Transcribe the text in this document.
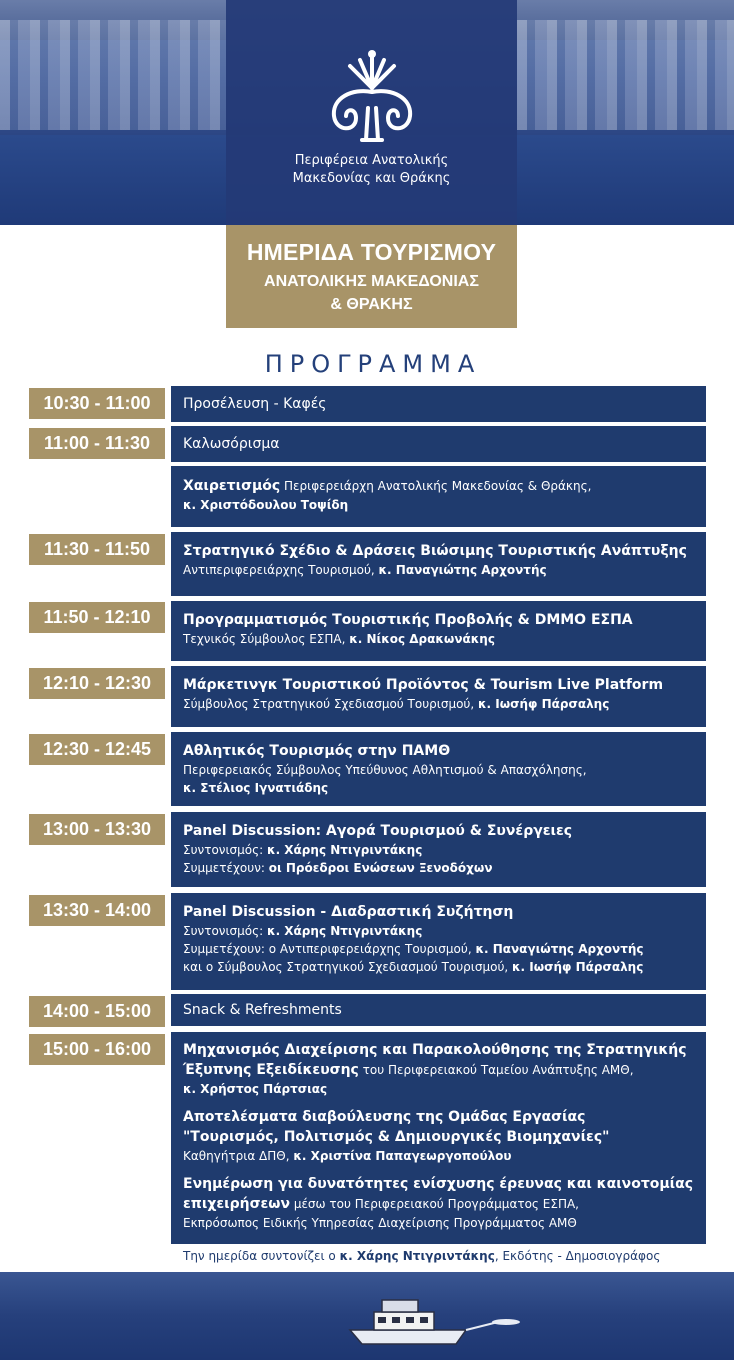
Περιφέρεια Ανατολικής
Μακεδονίας και Θράκης
ΗΜΕΡΙΔΑ ΤΟΥΡΙΣΜΟΥ
ΑΝΑΤΟΛΙΚΗΣ ΜΑΚΕΔΟΝΙΑΣ
& ΘΡΑΚΗΣ
ΠΡΟΓΡΑΜΜΑ
10:30 - 11:00	Προσέλευση - Καφές
11:00 - 11:30	Καλωσόρισμα
Χαιρετισμός Περιφερειάρχη Ανατολικής Μακεδονίας & Θράκης,
κ. Χριστόδουλου Τοψίδη
11:30 - 11:50	Στρατηγικό Σχέδιο & Δράσεις Βιώσιμης Τουριστικής Ανάπτυξης
Αντιπεριφερειάρχης Τουρισμού, κ. Παναγιώτης Αρχοντής
11:50 - 12:10	Προγραμματισμός Τουριστικής Προβολής & DMMO ΕΣΠΑ
Τεχνικός Σύμβουλος ΕΣΠΑ, κ. Νίκος Δρακωνάκης
12:10 - 12:30	Μάρκετινγκ Τουριστικού Προϊόντος & Tourism Live Platform
Σύμβουλος Στρατηγικού Σχεδιασμού Τουρισμού, κ. Ιωσήφ Πάρσαλης
12:30 - 12:45	Αθλητικός Τουρισμός στην ΠΑΜΘ
Περιφερειακός Σύμβουλος Υπεύθυνος Αθλητισμού & Απασχόλησης,
κ. Στέλιος Ιγνατιάδης
13:00 - 13:30	Panel Discussion: Αγορά Τουρισμού & Συνέργειες
Συντονισμός: κ. Χάρης Ντιγριντάκης
Συμμετέχουν: οι Πρόεδροι Ενώσεων Ξενοδόχων
13:30 - 14:00	Panel Discussion - Διαδραστική Συζήτηση
Συντονισμός: κ. Χάρης Ντιγριντάκης
Συμμετέχουν: ο Αντιπεριφερειάρχης Τουρισμού, κ. Παναγιώτης Αρχοντής
και ο Σύμβουλος Στρατηγικού Σχεδιασμού Τουρισμού, κ. Ιωσήφ Πάρσαλης
14:00 - 15:00	Snack & Refreshments
15:00 - 16:00	Μηχανισμός Διαχείρισης και Παρακολούθησης της Στρατηγικής
Έξυπνης Εξειδίκευσης του Περιφερειακού Ταμείου Ανάπτυξης ΑΜΘ,
κ. Χρήστος Πάρτσιας
Αποτελέσματα διαβούλευσης της Ομάδας Εργασίας
"Τουρισμός, Πολιτισμός & Δημιουργικές Βιομηχανίες"
Καθηγήτρια ΔΠΘ, κ. Χριστίνα Παπαγεωργοπούλου
Ενημέρωση για δυνατότητες ενίσχυσης έρευνας και καινοτομίας
επιχειρήσεων μέσω του Περιφερειακού Προγράμματος ΕΣΠΑ,
Εκπρόσωπος Ειδικής Υπηρεσίας Διαχείρισης Προγράμματος ΑΜΘ
Την ημερίδα συντονίζει ο κ. Χάρης Ντιγριντάκης, Εκδότης - Δημοσιογράφος
